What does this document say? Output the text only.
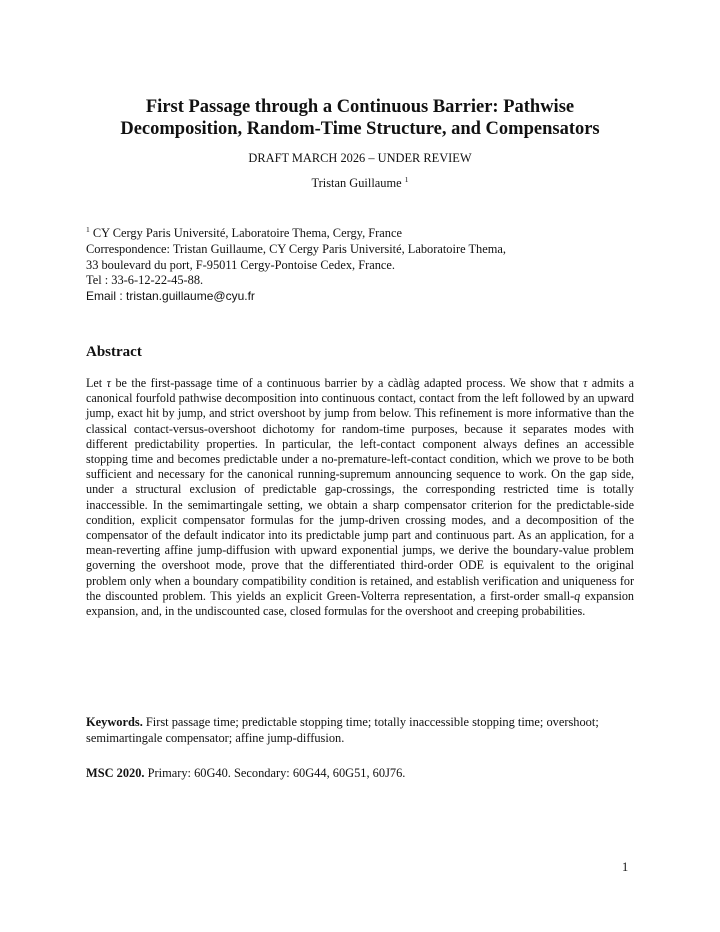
First Passage through a Continuous Barrier: Pathwise
Decomposition, Random-Time Structure, and Compensators
DRAFT MARCH 2026 – UNDER REVIEW
Tristan Guillaume $^1$
$^1$ CY Cergy Paris Université, Laboratoire Thema, Cergy, France
Correspondence: Tristan Guillaume, CY Cergy Paris Université, Laboratoire Thema,
33 boulevard du port, F-95011 Cergy-Pontoise Cedex, France.
Tel : 33-6-12-22-45-88.
Email : tristan.guillaume@cyu.fr
Abstract
Let τ be the first-passage time of a continuous barrier by a càdlàg adapted process. We show that τ admits a canonical fourfold pathwise decomposition into continuous contact, contact from the left followed by an upward jump, exact hit by jump, and strict overshoot by jump from below. This refinement is more informative than the classical contact-versus-overshoot dichotomy for random-time purposes, because it separates modes with different predictability properties. In particular, the left-contact component always defines an accessible stopping time and becomes predictable under a no-premature-left-contact condition, which we prove to be both sufficient and necessary for the canonical running-supremum announcing sequence to work. On the gap side, under a structural exclusion of predictable gap-crossings, the corresponding restricted time is totally inaccessible. In the semimartingale setting, we obtain a sharp compensator criterion for the predictable-side condition, explicit compensator formulas for the jump-driven crossing modes, and a decomposition of the compensator of the default indicator into its predictable jump part and continuous part. As an application, for a mean-reverting affine jump-diffusion with upward exponential jumps, we derive the boundary-value problem governing the overshoot mode, prove that the differentiated third-order ODE is equivalent to the original problem only when a boundary compatibility condition is retained, and establish verification and uniqueness for the discounted problem. This yields an explicit Green-Volterra representation, a first-order small-q expansion expansion, and, in the undiscounted case, closed formulas for the overshoot and creeping probabilities.
Keywords. First passage time; predictable stopping time; totally inaccessible stopping time; overshoot; semimartingale compensator; affine jump-diffusion.
MSC 2020. Primary: 60G40. Secondary: 60G44, 60G51, 60J76.
1
